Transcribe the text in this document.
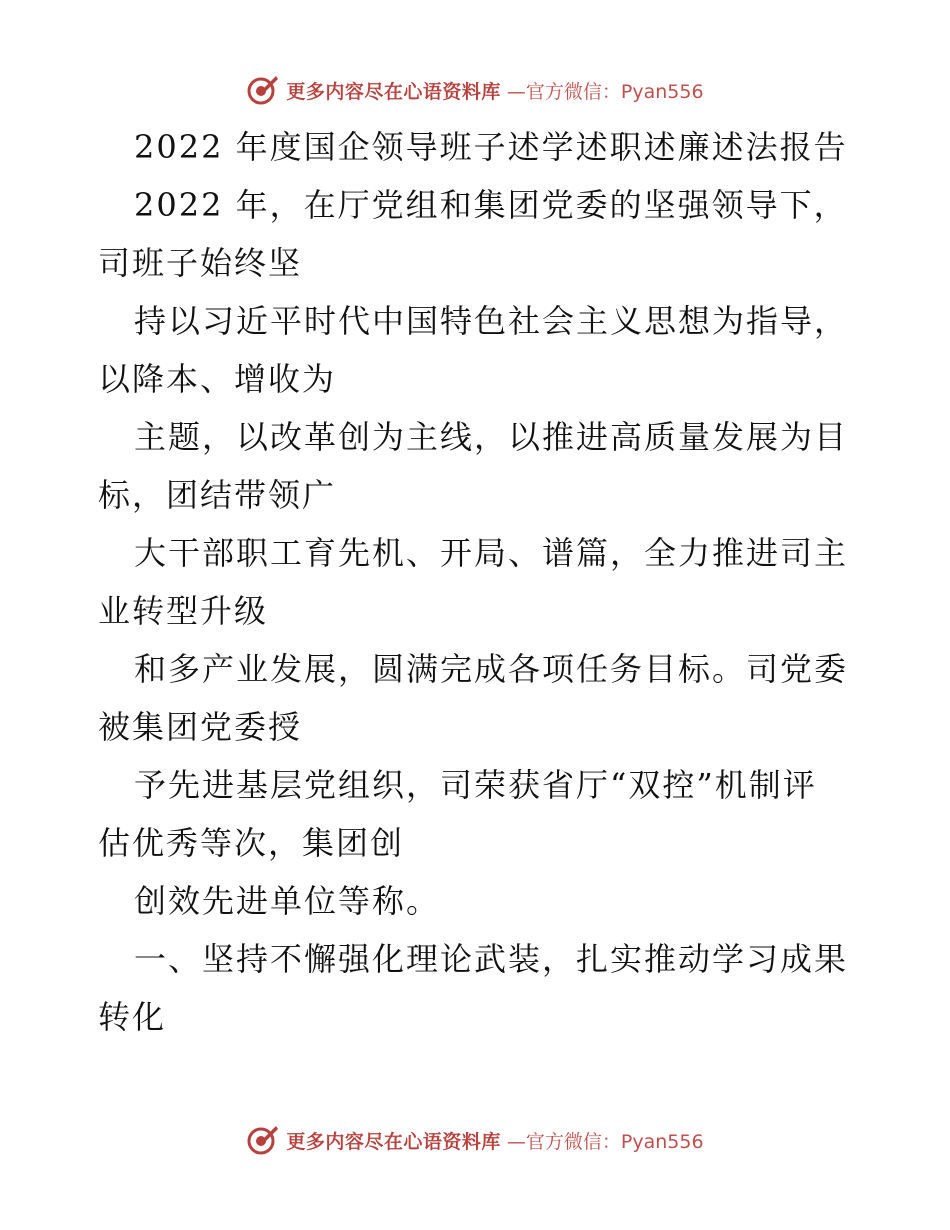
更多内容尽在心语资料库 —官方微信：Pyan556
2022 年度国企领导班子述学述职述廉述法报告
2022 年，在厅党组和集团党委的坚强领导下，
司班子始终坚
持以习近平时代中国特色社会主义思想为指导，
以降本、增收为
主题，以改革创为主线，以推进高质量发展为目
标，团结带领广
大干部职工育先机、开局、谱篇，全力推进司主
业转型升级
和多产业发展，圆满完成各项任务目标。司党委
被集团党委授
予先进基层党组织，司荣获省厅“双控”机制评
估优秀等次，集团创
创效先进单位等称。
一、坚持不懈强化理论武装，扎实推动学习成果
转化
更多内容尽在心语资料库 —官方微信：Pyan556
